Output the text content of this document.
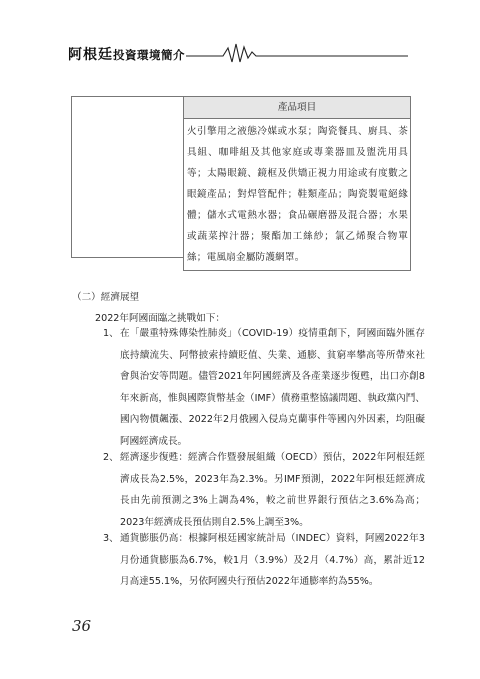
阿根廷投資環境簡介
產品項目
火引擎用之液態冷媒或水泵；陶瓷餐具、廚具、茶具組、咖啡組及其他家庭或專業器皿及盥洗用具等；太陽眼鏡、鏡框及供矯正視力用途或有度數之眼鏡產品；對焊管配件；鞋類產品；陶瓷製電絕緣體；儲水式電熱水器；食品碾磨器及混合器；水果或蔬菜搾汁器；聚酯加工絲紗；氯乙烯聚合物單絲；電風扇金屬防護網罩。
（二）經濟展望
2022年阿國面臨之挑戰如下：
1、 在「嚴重特殊傳染性肺炎」（COVID-19）疫情重創下，阿國面臨外匯存底持續流失、阿幣披索持續貶值、失業、通膨、貧窮率攀高等所帶來社會與治安等問題。儘管2021年阿國經濟及各產業逐步復甦，出口亦創8年來新高，惟與國際貨幣基金（IMF）債務重整協議問題、執政黨內鬥、國內物價飆漲、2022年2月俄國入侵烏克蘭事件等國內外因素，均阻礙阿國經濟成長。
2、 經濟逐步復甦：經濟合作暨發展組織（OECD）預估，2022年阿根廷經濟成長為2.5%，2023年為2.3%。另IMF預測，2022年阿根廷經濟成長由先前預測之3%上調為4%，較之前世界銀行預估之3.6%為高；2023年經濟成長預估則自2.5%上調至3%。
3、 通貨膨脹仍高：根據阿根廷國家統計局（INDEC）資料，阿國2022年3月份通貨膨脹為6.7%，較1月（3.9%）及2月（4.7%）高，累計近12月高達55.1%，另依阿國央行預估2022年通膨率約為55%。
36
